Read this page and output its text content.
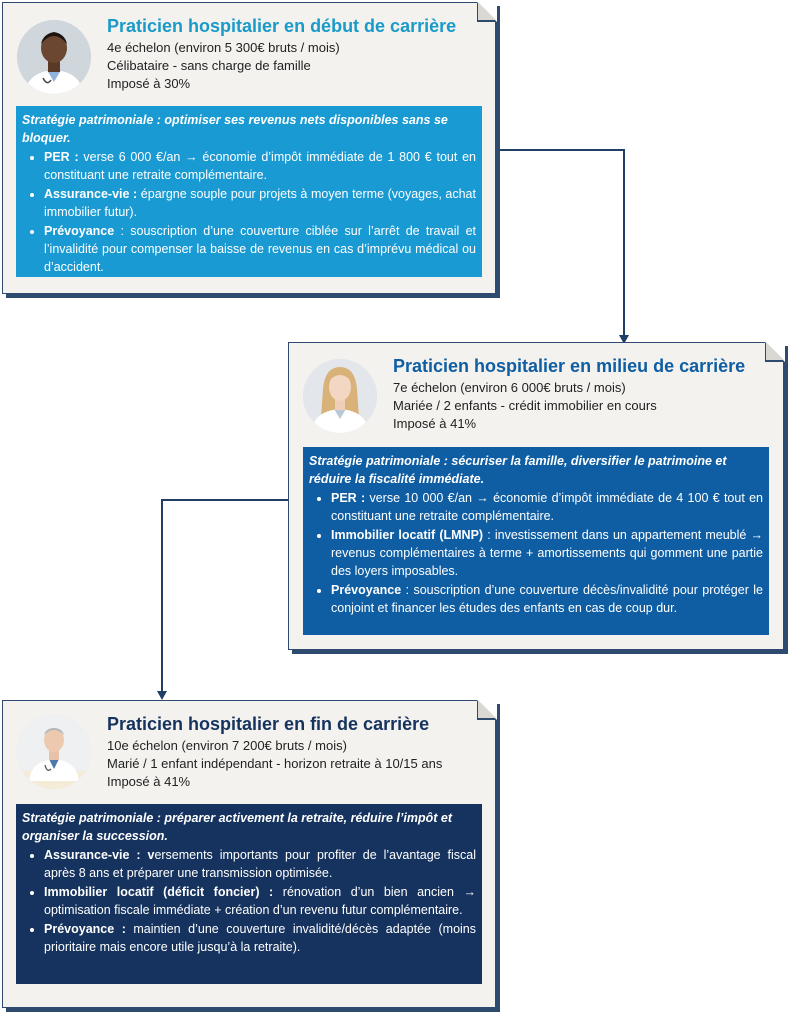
Praticien hospitalier en début de carrière
4e échelon (environ 5 300€ bruts / mois)
Célibataire - sans charge de famille
Imposé à 30%
Stratégie patrimoniale : optimiser ses revenus nets disponibles sans se bloquer.
• PER : verse 6 000 €/an → économie d’impôt immédiate de 1 800 € tout en constituant une retraite complémentaire.
• Assurance-vie : épargne souple pour projets à moyen terme (voyages, achat immobilier futur).
• Prévoyance : souscription d’une couverture ciblée sur l’arrêt de travail et l’invalidité pour compenser la baisse de revenus en cas d’imprévu médical ou d’accident.
Praticien hospitalier en milieu de carrière
7e échelon (environ 6 000€ bruts / mois)
Mariée / 2 enfants - crédit immobilier en cours
Imposé à 41%
Stratégie patrimoniale : sécuriser la famille, diversifier le patrimoine et réduire la fiscalité immédiate.
• PER : verse 10 000 €/an → économie d’impôt immédiate de 4 100 € tout en constituant une retraite complémentaire.
• Immobilier locatif (LMNP) : investissement dans un appartement meublé → revenus complémentaires à terme + amortissements qui gomment une partie des loyers imposables.
• Prévoyance : souscription d’une couverture décès/invalidité pour protéger le conjoint et financer les études des enfants en cas de coup dur.
Praticien hospitalier en fin de carrière
10e échelon (environ 7 200€ bruts / mois)
Marié / 1 enfant indépendant - horizon retraite à 10/15 ans
Imposé à 41%
Stratégie patrimoniale : préparer activement la retraite, réduire l’impôt et organiser la succession.
• Assurance-vie : versements importants pour profiter de l’avantage fiscal après 8 ans et préparer une transmission optimisée.
• Immobilier locatif (déficit foncier) : rénovation d’un bien ancien → optimisation fiscale immédiate + création d’un revenu futur complémentaire.
• Prévoyance : maintien d’une couverture invalidité/décès adaptée (moins prioritaire mais encore utile jusqu’à la retraite).
